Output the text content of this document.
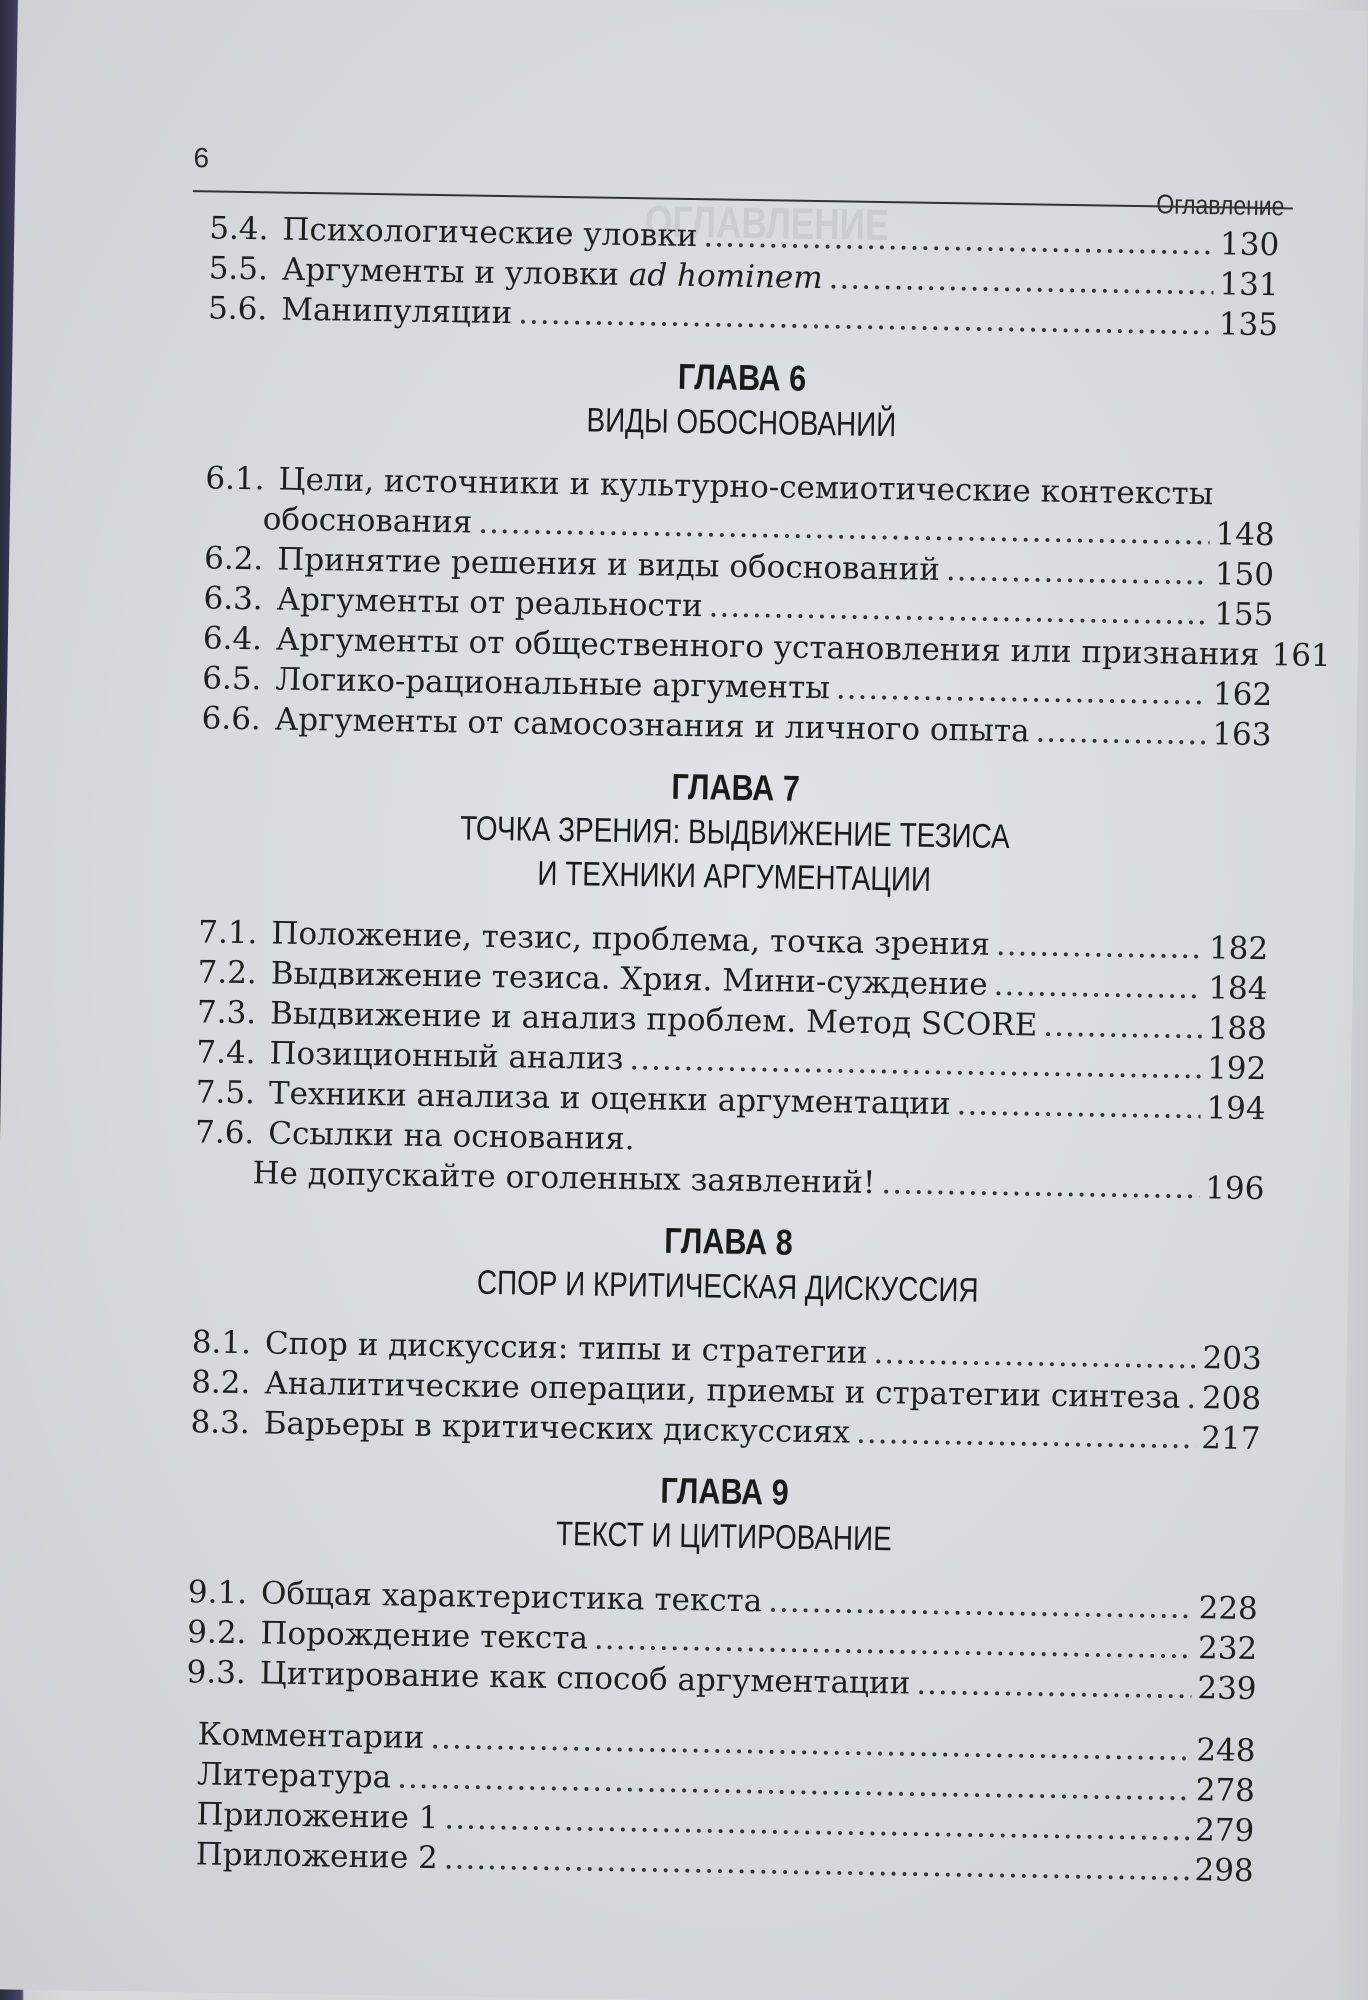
ОГЛАВЛЕНИЕ
6
Оглавление
5.4. Психологические уловки .....	130
5.5. Аргументы и уловки ad hominem .....	131
5.6. Манипуляции .....	135
ГЛАВА 6
ВИДЫ ОБОСНОВАНИЙ
6.1. Цели, источники и культурно-семиотические контексты
обоснования .....	148
6.2. Принятие решения и виды обоснований .....	150
6.3. Аргументы от реальности .....	155
6.4. Аргументы от общественного установления или признания ..... 161
6.5. Логико-рациональные аргументы .....	162
6.6. Аргументы от самосознания и личного опыта .....	163
ГЛАВА 7
ТОЧКА ЗРЕНИЯ: ВЫДВИЖЕНИЕ ТЕЗИСА
И ТЕХНИКИ АРГУМЕНТАЦИИ
7.1. Положение, тезис, проблема, точка зрения .....	182
7.2. Выдвижение тезиса. Хрия. Мини-суждение .....	184
7.3. Выдвижение и анализ проблем. Метод SCORE .....	188
7.4. Позиционный анализ .....	192
7.5. Техники анализа и оценки аргументации .....	194
7.6. Ссылки на основания.
Не допускайте оголенных заявлений! .....	196
ГЛАВА 8
СПОР И КРИТИЧЕСКАЯ ДИСКУССИЯ
8.1. Спор и дискуссия: типы и стратегии .....	203
8.2. Аналитические операции, приемы и стратегии синтеза ..... 208
8.3. Барьеры в критических дискуссиях .....	217
ГЛАВА 9
ТЕКСТ И ЦИТИРОВАНИЕ
9.1. Общая характеристика текста .....	228
9.2. Порождение текста .....	232
9.3. Цитирование как способ аргументации .....	239
Комментарии .....	248
Литература .....	278
Приложение 1 .....	279
Приложение 2 .....	298
